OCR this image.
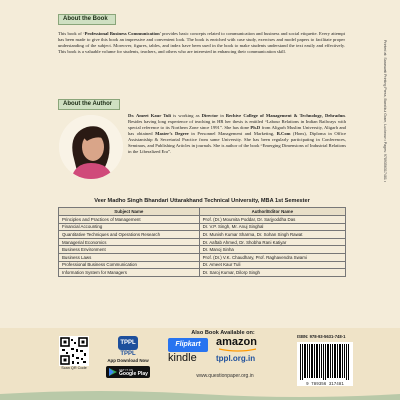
About the Book
This book of ‘Professional Business Communication’ provides basic concepts related to communication and business and social etiquette. Every attempt has been made to give this book an impressive and convenient look. The book is enriched with case study, exercises and model papers to facilitate proper understanding of the subject. Moreover, figures, tables, and index have been used in the book to make students understand the text easily and effectively. This book is a valuable volume for students, teachers, and others who are interested in enhancing their communication skill.
About the Author
Dr. Ameet Kaur Tuli is working as Director in Bechive College of Management & Technology, Dehradun. Besides having long experience of teaching in HR her thesis is entitled “Labour Relations in Indian Railways with special reference to its Northern Zone since 1991”. She has done Ph.D from Aligarh Muslim University, Aligarh and has obtained Master’s Degree in Personnel Management and Marketing, B.Com (Hons), Diploma in Office Assistantship & Secretarial Practice from same University. She has been regularly participating in Conferences, Seminars, and Publishing Articles in journals. She is author of the book “Emerging Dimensions of Industrial Relations in the Liberalized Era”.
Veer Madho Singh Bhandari Uttarakhand Technical University, MBA 1st Semester
Subject Name	Author/Editor Name
Principles and Practices of Management	Prof. (Dr.) Moumita Poddar, Dr. Sarjyoddha Das
Financial Accounting	Dr. V.P. Singh, Mr. Anuj Singhal
Quantitative Techniques and Operations Research	Dr. Munish Kumar Sharma, Dr. Sohan Singh Rawat
Managerial Economics	Dr. Aaftab Ahmed, Dr. Shobha Rani Katiyar
Business Environment	Dr. Manoj Sinha
Business Laws	Prof. (Dr.) V.K. Chaudhary, Prof. Raghavendra Swami
Professional Business Communication	Dr. Ameet Kaur Tuli
Information System for Managers	Dr. Saroj Kumar, Dilorp Singh
Printed at: Saraswati Printing Press, Bandikui Gram, Lucknow • Pages: 9789356317481 •
Scan QR Code
TPPL
TPPL
App Download Now
GET IT ON
Google Play
Also Book Available on:
Flipkart	amazon
kindle	tppl.org.in
www.questionpaper.org.in
ISBN: 978-93-5631-748-1
9 789356 317481
